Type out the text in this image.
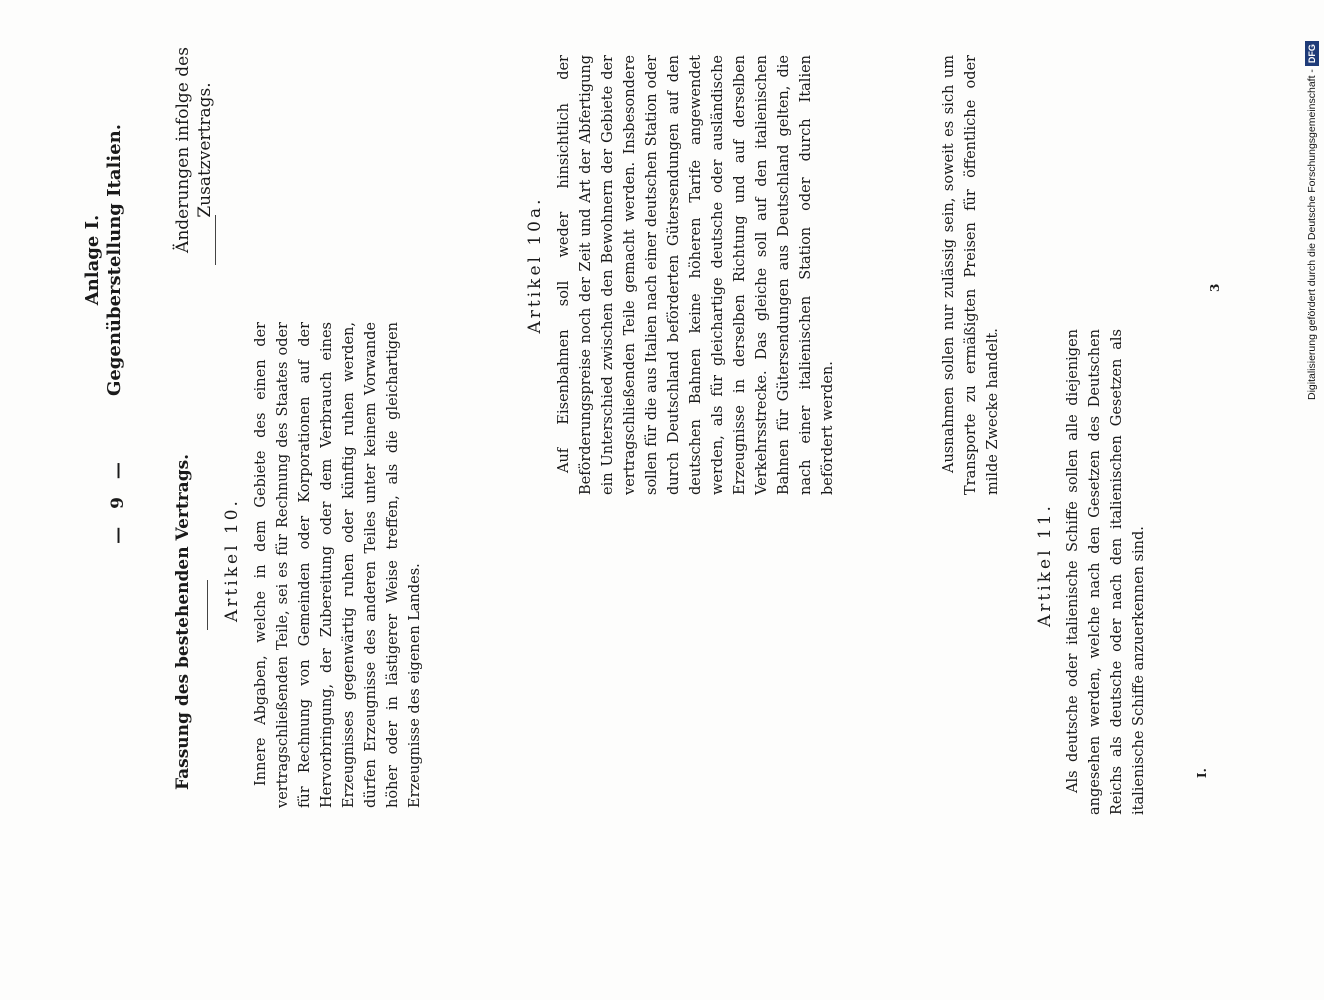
— 9 —
Anlage I. Gegenüberstellung Italien.
Fassung des bestehenden Vertrags. Artikel 10. Innere Abgaben, welche in dem Gebiete des einen der vertragschließenden Teile, sei es für Rechnung des Staates oder für Rechnung von Gemeinden oder Korporationen auf der Hervorbringung, der Zubereitung oder dem Verbrauch eines Erzeugnisses gegenwärtig ruhen oder künftig ruhen werden, dürfen Erzeugnisse des anderen Teiles unter keinem Vorwande höher oder in lästigerer Weise treffen, als die gleichartigen Erzeugnisse des eigenen Landes.	Artikel 11. Als deutsche oder italienische Schiffe sollen alle diejenigen angesehen werden, welche nach den Gesetzen des Deutschen Reichs als deutsche oder nach den italienischen Gesetzen als italienische Schiffe anzuerkennen sind.	I.
Änderungen infolge des Zusatzvertrags.
Artikel 10a. Auf Eisenbahnen soll weder hinsichtlich der Beförderungspreise noch der Zeit und Art der Abfertigung ein Unterschied zwischen den Bewohnern der Gebiete der vertragschließenden Teile gemacht werden. Insbesondere sollen für die aus Italien nach einer deutschen Station oder durch Deutschland beförderten Gütersendungen auf den deutschen Bahnen keine höheren Tarife angewendet werden, als für gleichartige deutsche oder ausländische Erzeugnisse in derselben Richtung und auf derselben Verkehrsstrecke. Das gleiche soll auf den italienischen Bahnen für Gütersendungen aus Deutschland gelten, die nach einer italienischen Station oder durch Italien befördert werden.	Ausnahmen sollen nur zulässig sein, soweit es sich um Transporte zu ermäßigten Preisen für öffentliche oder milde Zwecke handelt.
3	Digitalisierung gefördert durch die Deutsche Forschungsgemeinschaft -DFG
